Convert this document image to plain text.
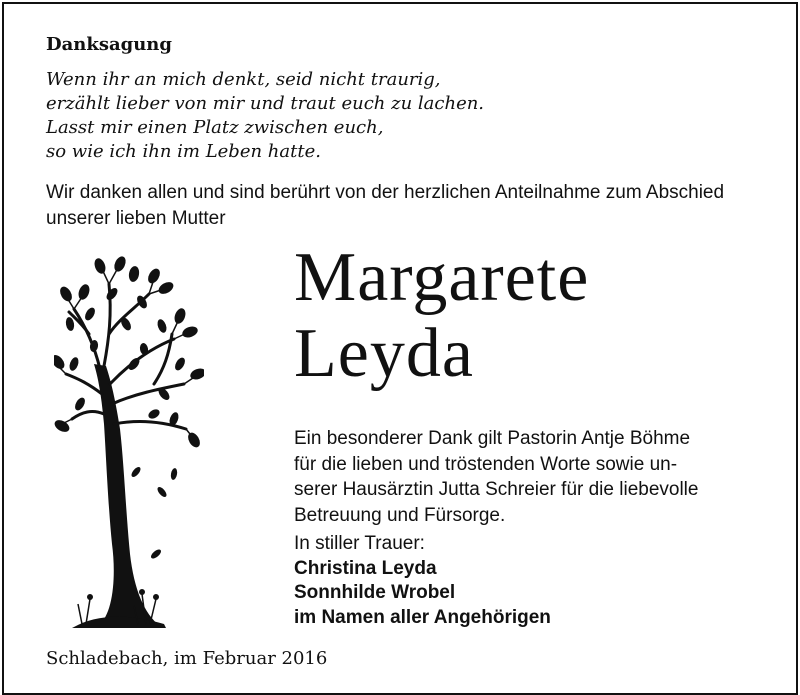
Danksagung
Wenn ihr an mich denkt, seid nicht traurig,
erzählt lieber von mir und traut euch zu lachen.
Lasst mir einen Platz zwischen euch,
so wie ich ihn im Leben hatte.
Wir danken allen und sind berührt von der herzlichen Anteilnahme zum Abschied unserer lieben Mutter
Margarete
Leyda
Ein besonderer Dank gilt Pastorin Antje Böhme
für die lieben und tröstenden Worte sowie un-
serer Hausärztin Jutta Schreier für die liebevolle
Betreuung und Fürsorge.
In stiller Trauer:
Christina Leyda
Sonnhilde Wrobel
im Namen aller Angehörigen
Schladebach, im Februar 2016
